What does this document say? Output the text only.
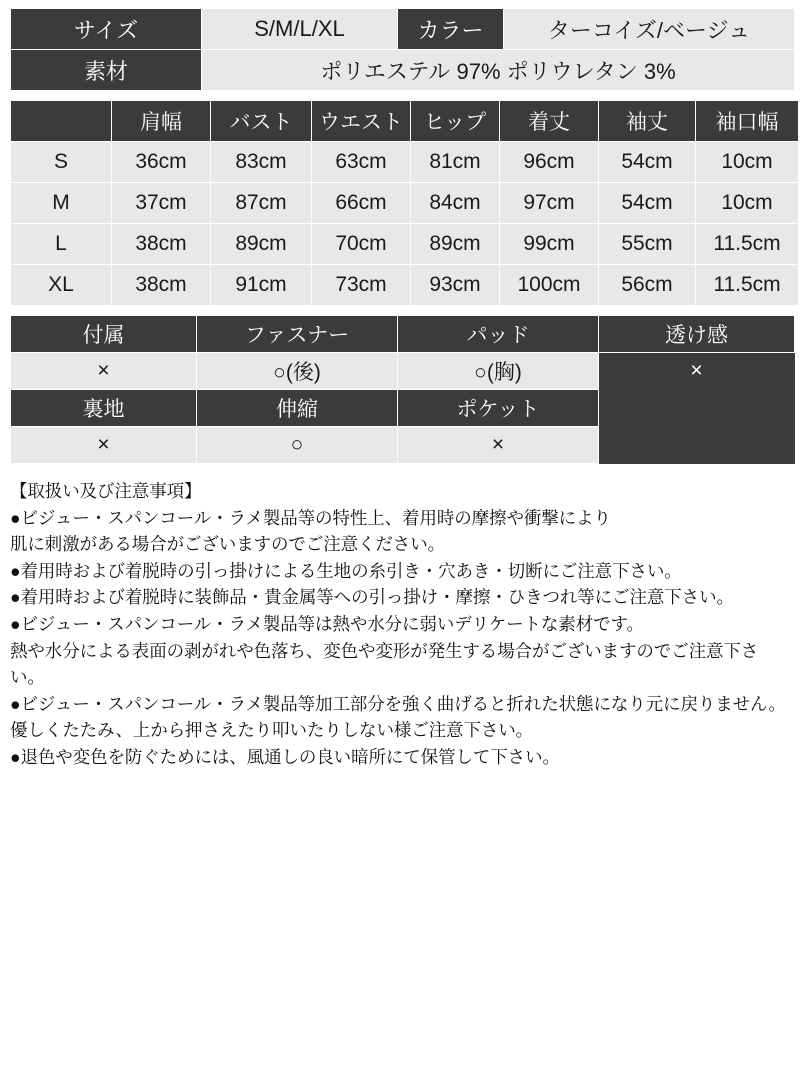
サイズ	S/M/L/XL	カラー	ターコイズ/ベージュ
素材	ポリエステル 97% ポリウレタン 3%		
	肩幅	バスト	ウエスト	ヒップ	着丈	袖丈	袖口幅
S	36cm	83cm	63cm	81cm	96cm	54cm	10cm
M	37cm	87cm	66cm	84cm	97cm	54cm	10cm
L	38cm	89cm	70cm	89cm	99cm	55cm	11.5cm
XL	38cm	91cm	73cm	93cm	100cm	56cm	11.5cm
付属	ファスナー	パッド	透け感
×	○(後)	○(胸)	×
裏地	伸縮	ポケット	
×	○	×	
【取扱い及び注意事項】
●ビジュー・スパンコール・ラメ製品等の特性上、着用時の摩擦や衝撃により
肌に刺激がある場合がございますのでご注意ください。
●着用時および着脱時の引っ掛けによる生地の糸引き・穴あき・切断にご注意下さい。
●着用時および着脱時に装飾品・貴金属等への引っ掛け・摩擦・ひきつれ等にご注意下さい。
●ビジュー・スパンコール・ラメ製品等は熱や水分に弱いデリケートな素材です。
熱や水分による表面の剥がれや色落ち、変色や変形が発生する場合がございますのでご注意下さい。
●ビジュー・スパンコール・ラメ製品等加工部分を強く曲げると折れた状態になり元に戻りません。
優しくたたみ、上から押さえたり叩いたりしない様ご注意下さい。
●退色や変色を防ぐためには、風通しの良い暗所にて保管して下さい。
